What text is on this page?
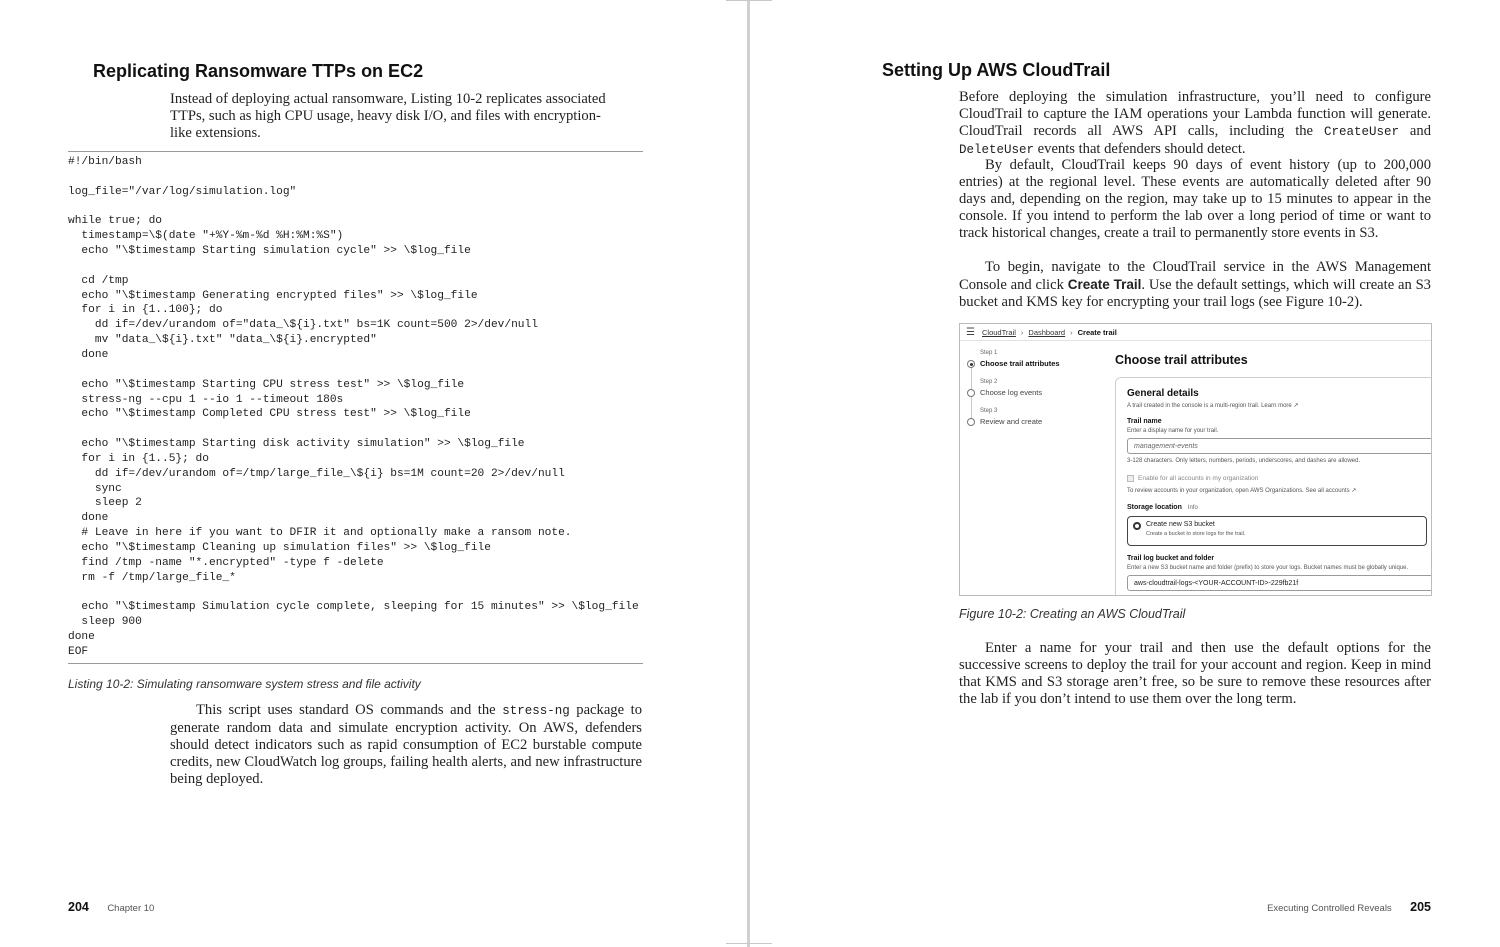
Replicating Ransomware TTPs on EC2
Instead of deploying actual ransomware, Listing 10-2 replicates associated
TTPs, such as high CPU usage, heavy disk I/O, and files with encryption-
like extensions.
#!/bin/bash

log_file="/var/log/simulation.log"

while true; do
timestamp=\$(date "+%Y-%m-%d %H:%M:%S")
echo "\$timestamp Starting simulation cycle" >> \$log_file

cd /tmp
echo "\$timestamp Generating encrypted files" >> \$log_file
for i in {1..100}; do
dd if=/dev/urandom of="data_\${i}.txt" bs=1K count=500 2>/dev/null
mv "data_\${i}.txt" "data_\${i}.encrypted"
done

echo "\$timestamp Starting CPU stress test" >> \$log_file
stress-ng --cpu 1 --io 1 --timeout 180s
echo "\$timestamp Completed CPU stress test" >> \$log_file

echo "\$timestamp Starting disk activity simulation" >> \$log_file
for i in {1..5}; do
dd if=/dev/urandom of=/tmp/large_file_\${i} bs=1M count=20 2>/dev/null
sync
sleep 2
done
# Leave in here if you want to DFIR it and optionally make a ransom note.
echo "\$timestamp Cleaning up simulation files" >> \$log_file
find /tmp -name "*.encrypted" -type f -delete
rm -f /tmp/large_file_*

echo "\$timestamp Simulation cycle complete, sleeping for 15 minutes" >> \$log_file
sleep 900
done
EOF
Listing 10-2: Simulating ransomware system stress and file activity
This script uses standard OS commands and the stress-ng package to generate random data and simulate encryption activity. On AWS, defenders should detect indicators such as rapid consumption of EC2 burstable compute credits, new CloudWatch log groups, failing health alerts, and new infrastructure being deployed.
204 Chapter 10
Setting Up AWS CloudTrail
Before deploying the simulation infrastructure, you’ll need to configure CloudTrail to capture the IAM operations your Lambda function will generate. CloudTrail records all AWS API calls, including the CreateUser and DeleteUser events that defenders should detect.
By default, CloudTrail keeps 90 days of event history (up to 200,000 entries) at the regional level. These events are automatically deleted after 90 days and, depending on the region, may take up to 15 minutes to appear in the console. If you intend to perform the lab over a long period of time or want to track historical changes, create a trail to permanently store events in S3.
To begin, navigate to the CloudTrail service in the AWS Management Console and click Create Trail. Use the default settings, which will create an S3 bucket and KMS key for encrypting your trail logs (see Figure 10-2).
☰ CloudTrail › Dashboard › Create trail
Step 1
Choose trail attributes
Step 2
Choose log events
Step 3
Review and create
Choose trail attributes
General details
A trail created in the console is a multi-region trail. Learn more ↗
Trail name
Enter a display name for your trail.
management-events
3-128 characters. Only letters, numbers, periods, underscores, and dashes are allowed.
Enable for all accounts in my organization
To review accounts in your organization, open AWS Organizations. See all accounts ↗
Storage location Info
Create new S3 bucket
Create a bucket to store logs for the trail.
Trail log bucket and folder
Enter a new S3 bucket name and folder (prefix) to store your logs. Bucket names must be globally unique.
aws-cloudtrail-logs-<YOUR-ACCOUNT-ID>-229fb21f
Figure 10-2: Creating an AWS CloudTrail
Enter a name for your trail and then use the default options for the successive screens to deploy the trail for your account and region. Keep in mind that KMS and S3 storage aren’t free, so be sure to remove these resources after the lab if you don’t intend to use them over the long term.
Executing Controlled Reveals 205
